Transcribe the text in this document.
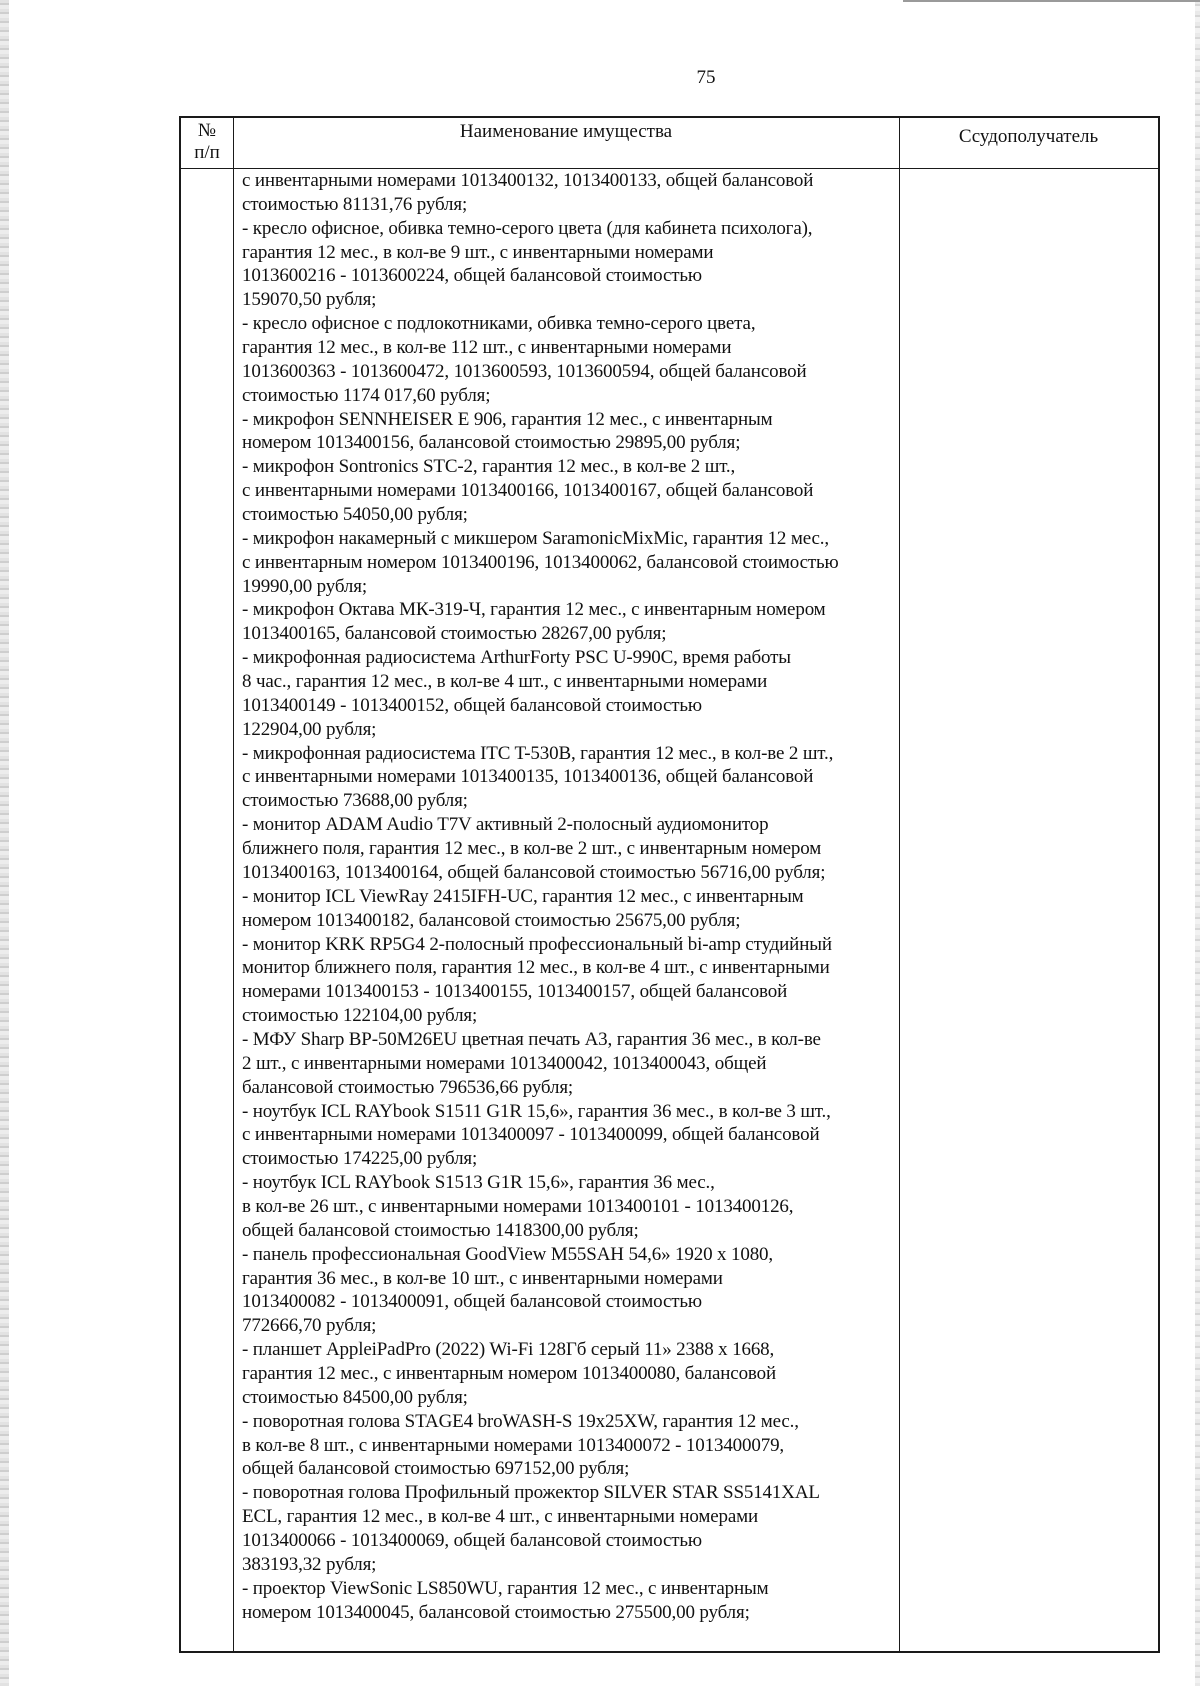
75
№
п/п
Наименование имущества	Ссудополучатель
с инвентарными номерами 1013400132, 1013400133, общей балансовой
стоимостью 81131,76 рубля;
- кресло офисное, обивка темно-серого цвета (для кабинета психолога),
гарантия 12 мес., в кол-ве 9 шт., с инвентарными номерами
1013600216 - 1013600224, общей балансовой стоимостью
159070,50 рубля;
- кресло офисное с подлокотниками, обивка темно-серого цвета,
гарантия 12 мес., в кол-ве 112 шт., с инвентарными номерами
1013600363 - 1013600472, 1013600593, 1013600594, общей балансовой
стоимостью 1174 017,60 рубля;
- микрофон SENNHEISER E 906, гарантия 12 мес., с инвентарным
номером 1013400156, балансовой стоимостью 29895,00 рубля;
- микрофон Sontronics STC-2, гарантия 12 мес., в кол-ве 2 шт.,
с инвентарными номерами 1013400166, 1013400167, общей балансовой
стоимостью 54050,00 рубля;
- микрофон накамерный с микшером SaramonicMixMic, гарантия 12 мес.,
с инвентарным номером 1013400196, 1013400062, балансовой стоимостью
19990,00 рубля;
- микрофон Октава МК-319-Ч, гарантия 12 мес., с инвентарным номером
1013400165, балансовой стоимостью 28267,00 рубля;
- микрофонная радиосистема ArthurForty PSC U-990C, время работы
8 час., гарантия 12 мес., в кол-ве 4 шт., с инвентарными номерами
1013400149 - 1013400152, общей балансовой стоимостью
122904,00 рубля;
- микрофонная радиосистема ITC T-530B, гарантия 12 мес., в кол-ве 2 шт.,
с инвентарными номерами 1013400135, 1013400136, общей балансовой
стоимостью 73688,00 рубля;
- монитор ADAM Audio T7V активный 2-полосный аудиомонитор
ближнего поля, гарантия 12 мес., в кол-ве 2 шт., с инвентарным номером
1013400163, 1013400164, общей балансовой стоимостью 56716,00 рубля;
- монитор ICL ViewRay 2415IFH-UC, гарантия 12 мес., с инвентарным
номером 1013400182, балансовой стоимостью 25675,00 рубля;
- монитор KRK RP5G4 2-полосный профессиональный bi-amp студийный
монитор ближнего поля, гарантия 12 мес., в кол-ве 4 шт., с инвентарными
номерами 1013400153 - 1013400155, 1013400157, общей балансовой
стоимостью 122104,00 рубля;
- МФУ Sharp BP-50M26EU цветная печать А3, гарантия 36 мес., в кол-ве
2 шт., с инвентарными номерами 1013400042, 1013400043, общей
балансовой стоимостью 796536,66 рубля;
- ноутбук ICL RAYbook S1511 G1R 15,6», гарантия 36 мес., в кол-ве 3 шт.,
с инвентарными номерами 1013400097 - 1013400099, общей балансовой
стоимостью 174225,00 рубля;
- ноутбук ICL RAYbook S1513 G1R 15,6», гарантия 36 мес.,
в кол-ве 26 шт., с инвентарными номерами 1013400101 - 1013400126,
общей балансовой стоимостью 1418300,00 рубля;
- панель профессиональная GoodView M55SAH 54,6» 1920 x 1080,
гарантия 36 мес., в кол-ве 10 шт., с инвентарными номерами
1013400082 - 1013400091, общей балансовой стоимостью
772666,70 рубля;
- планшет AppleiPadPro (2022) Wi-Fi 128Гб серый 11» 2388 x 1668,
гарантия 12 мес., с инвентарным номером 1013400080, балансовой
стоимостью 84500,00 рубля;
- поворотная голова STAGE4 broWASH-S 19x25XW, гарантия 12 мес.,
в кол-ве 8 шт., с инвентарными номерами 1013400072 - 1013400079,
общей балансовой стоимостью 697152,00 рубля;
- поворотная голова Профильный прожектор SILVER STAR SS5141XAL
ECL, гарантия 12 мес., в кол-ве 4 шт., с инвентарными номерами
1013400066 - 1013400069, общей балансовой стоимостью
383193,32 рубля;
- проектор ViewSonic LS850WU, гарантия 12 мес., с инвентарным
номером 1013400045, балансовой стоимостью 275500,00 рубля;
